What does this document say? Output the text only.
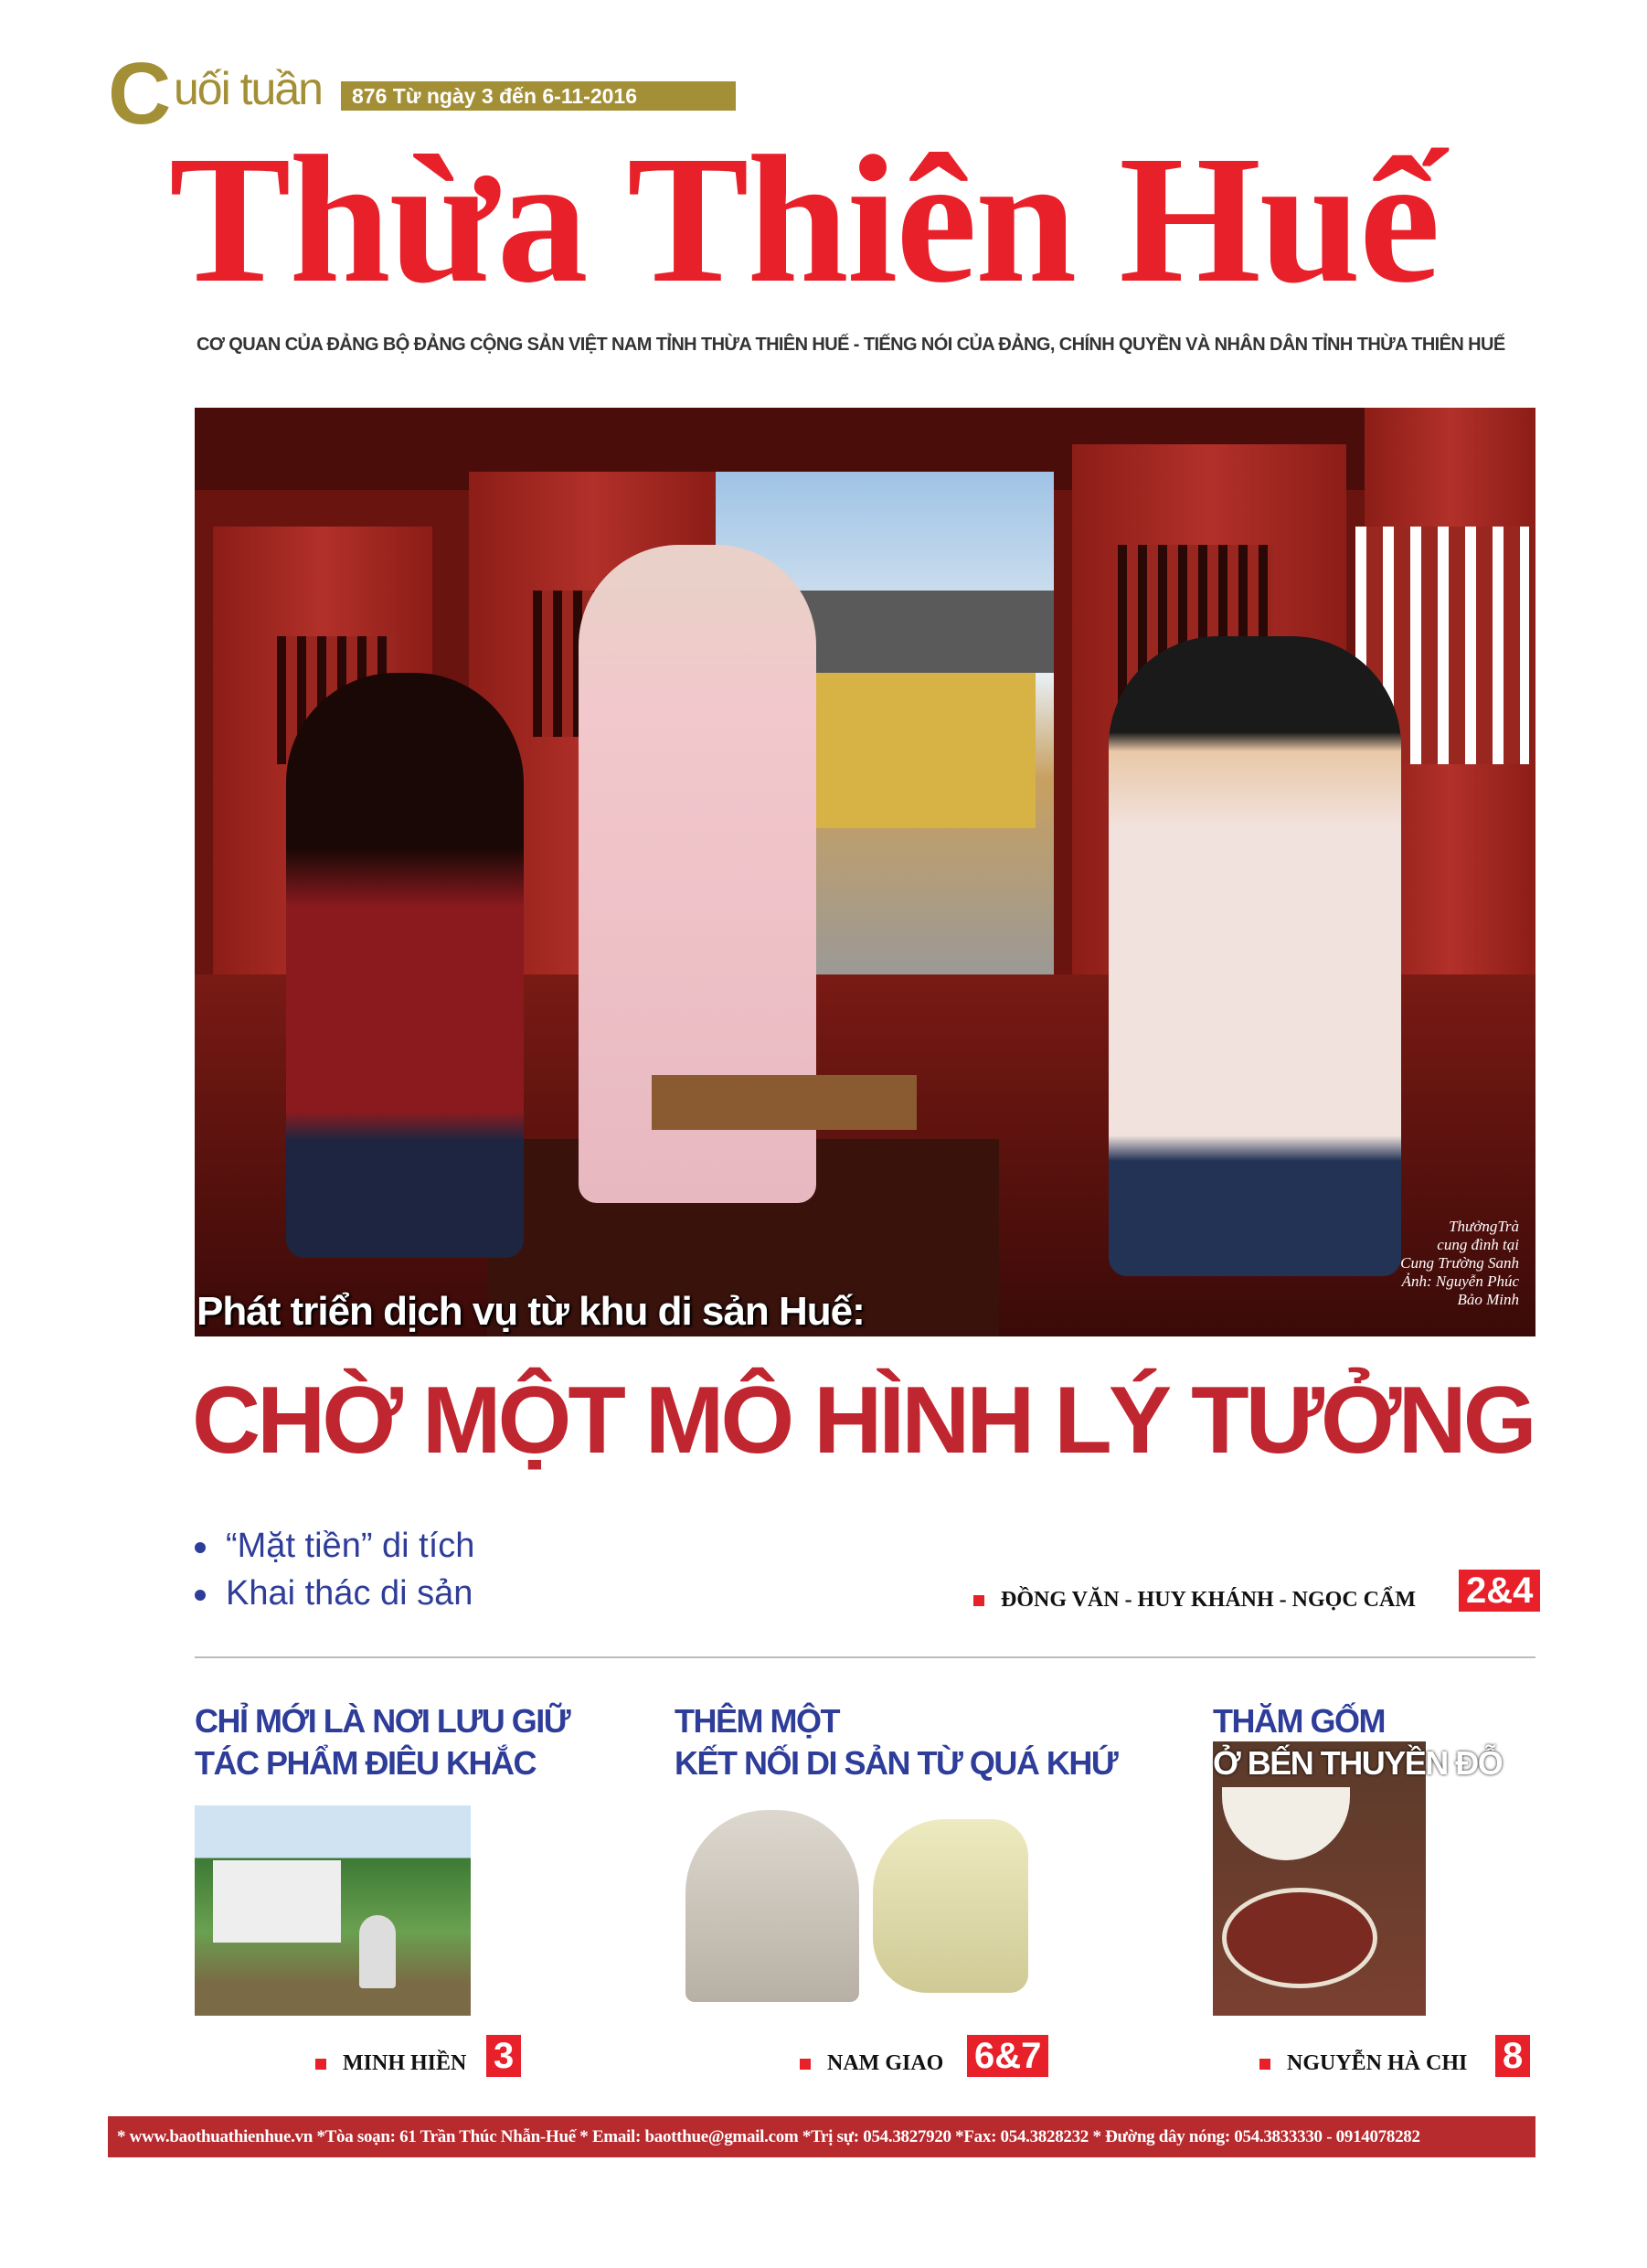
C uối tuần	876 Từ ngày 3 đến 6-11-2016
Thừa Thiên Huế
CƠ QUAN CỦA ĐẢNG BỘ ĐẢNG CỘNG SẢN VIỆT NAM TỈNH THỪA THIÊN HUẾ - TIẾNG NÓI CỦA ĐẢNG, CHÍNH QUYỀN VÀ NHÂN DÂN TỈNH THỪA THIÊN HUẾ
ThưởngTrà
cung đình tại
Cung Trường Sanh
Ảnh: Nguyễn Phúc
Bảo Minh
Phát triển dịch vụ từ khu di sản Huế:
CHỜ MỘT MÔ HÌNH LÝ TƯỞNG
“Mặt tiền” di tích
Khai thác di sản	ĐỒNG VĂN - HUY KHÁNH - NGỌC CẨM 2&4
CHỈ MỚI LÀ NƠI LƯU GIỮ
TÁC PHẨM ĐIÊU KHẮC
MINH HIỀN 3
THÊM MỘT
KẾT NỐI DI SẢN TỪ QUÁ KHỨ
NAM GIAO 6&7
THĂM GỐM
Ở BẾN THUYỀN ĐỖ
NGUYỄN HÀ CHI 8
* www.baothuathienhue.vn *Tòa soạn: 61 Trần Thúc Nhẫn-Huế * Email: baotthue@gmail.com *Trị sự: 054.3827920 *Fax: 054.3828232 * Đường dây nóng: 054.3833330 - 0914078282
